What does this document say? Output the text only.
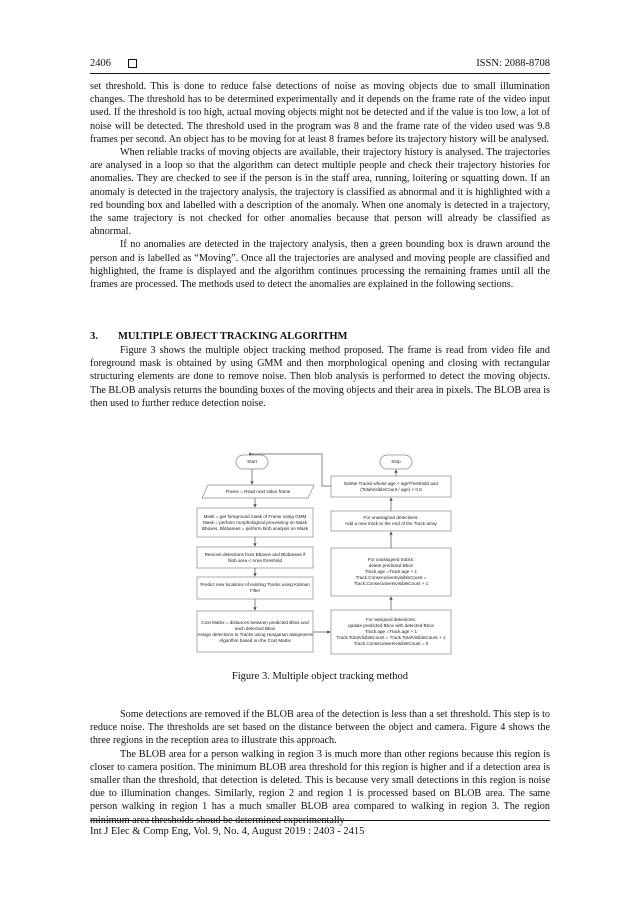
2406	ISSN: 2088-8708

set threshold. This is done to reduce false detections of noise as moving objects due to small illumination changes. The threshold has to be determined experimentally and it depends on the frame rate of the video input used. If the threshold is too high, actual moving objects might not be detected and if the value is too low, a lot of noise will be detected. The threshold used in the program was 8 and the frame rate of the video used was 9.8 frames per second. An object has to be moving for at least 8 frames before its trajectory history will be analysed.

When reliable tracks of moving objects are available, their trajectory history is analysed. The trajectories are analysed in a loop so that the algorithm can detect multiple people and check their trajectory histories for anomalies. They are checked to see if the person is in the staff area, running, loitering or squatting down. If an anomaly is detected in the trajectory analysis, the trajectory is classified as abnormal and it is highlighted with a red bounding box and labelled with a description of the anomaly. When one anomaly is detected in a trajectory, the same trajectory is not checked for other anomalies because that person will already be classified as abnormal.

If no anomalies are detected in the trajectory analysis, then a green bounding box is drawn around the person and is labelled as “Moving”. Once all the trajectories are analysed and moving people are classified and highlighted, the frame is displayed and the algorithm continues processing the remaining frames until all the frames are processed. The methods used to detect the anomalies are explained in the following sections.

3. MULTIPLE OBJECT TRACKING ALGORITHM

Figure 3 shows the multiple object tracking method proposed. The frame is read from video file and foreground mask is obtained by using GMM and then morphological opening and closing with rectangular structuring elements are done to remove noise. Then blob analysis is performed to detect the moving objects. The BLOB analysis returns the bounding boxes of the moving objects and their area in pixels. The BLOB area is then used to further reduce detection noise.

Start	Stop
Frame = Read next video frame
Mask = get foreground mask of Frame using GMM
Mask = perform morphological processing on Mask
Bboxes, Blobareas = perform blob analysis on Mask
Remove detections from Bboxes and Blobareas if
blob area < Area threshold
Predict new locations of existing Tracks using Kalman
Filter
Cost Matrix = distances between predicted Bbox and
each detected Bbox
Assign detections to Tracks using Hungarian assignment
Algorithm based on the Cost Matrix
Delete Tracks whose age < ageThreshold and
(TotalVisibleCount / age) < 0.6
For unassigned detections:
Add a new track to the end of the Track array
For unassigned tracks:
delete predicted Bbox
Track.age =Track.age + 1
Track.ConsecutiveInvisibleCount =
Track.ConsecutiveInvisibleCount + 1
For assigned detections:
update predicted Bbox with detected Bbox
Track.age =Track.age + 1
Track.TotalVisibleCount = Track.TotalVisibleCount + 1
Track.ConsecutiveInvisibleCount = 0
Figure 3. Multiple object tracking method

Some detections are removed if the BLOB area of the detection is less than a set threshold. This step is to reduce noise. The thresholds are set based on the distance between the object and camera. Figure 4 shows the three regions in the reception area to illustrate this approach.

The BLOB area for a person walking in region 3 is much more than other regions because this region is closer to camera position. The minimum BLOB area threshold for this region is higher and if a detection area is smaller than the threshold, that detection is deleted. This is because very small detections in this region is noise due to illumination changes. Similarly, region 2 and region 1 is processed based on BLOB area. The same person walking in region 1 has a much smaller BLOB area compared to walking in region 3. The region minimum area thresholds shoud be determined experimentally

Int J Elec & Comp Eng, Vol. 9, No. 4, August 2019 : 2403 - 2415
